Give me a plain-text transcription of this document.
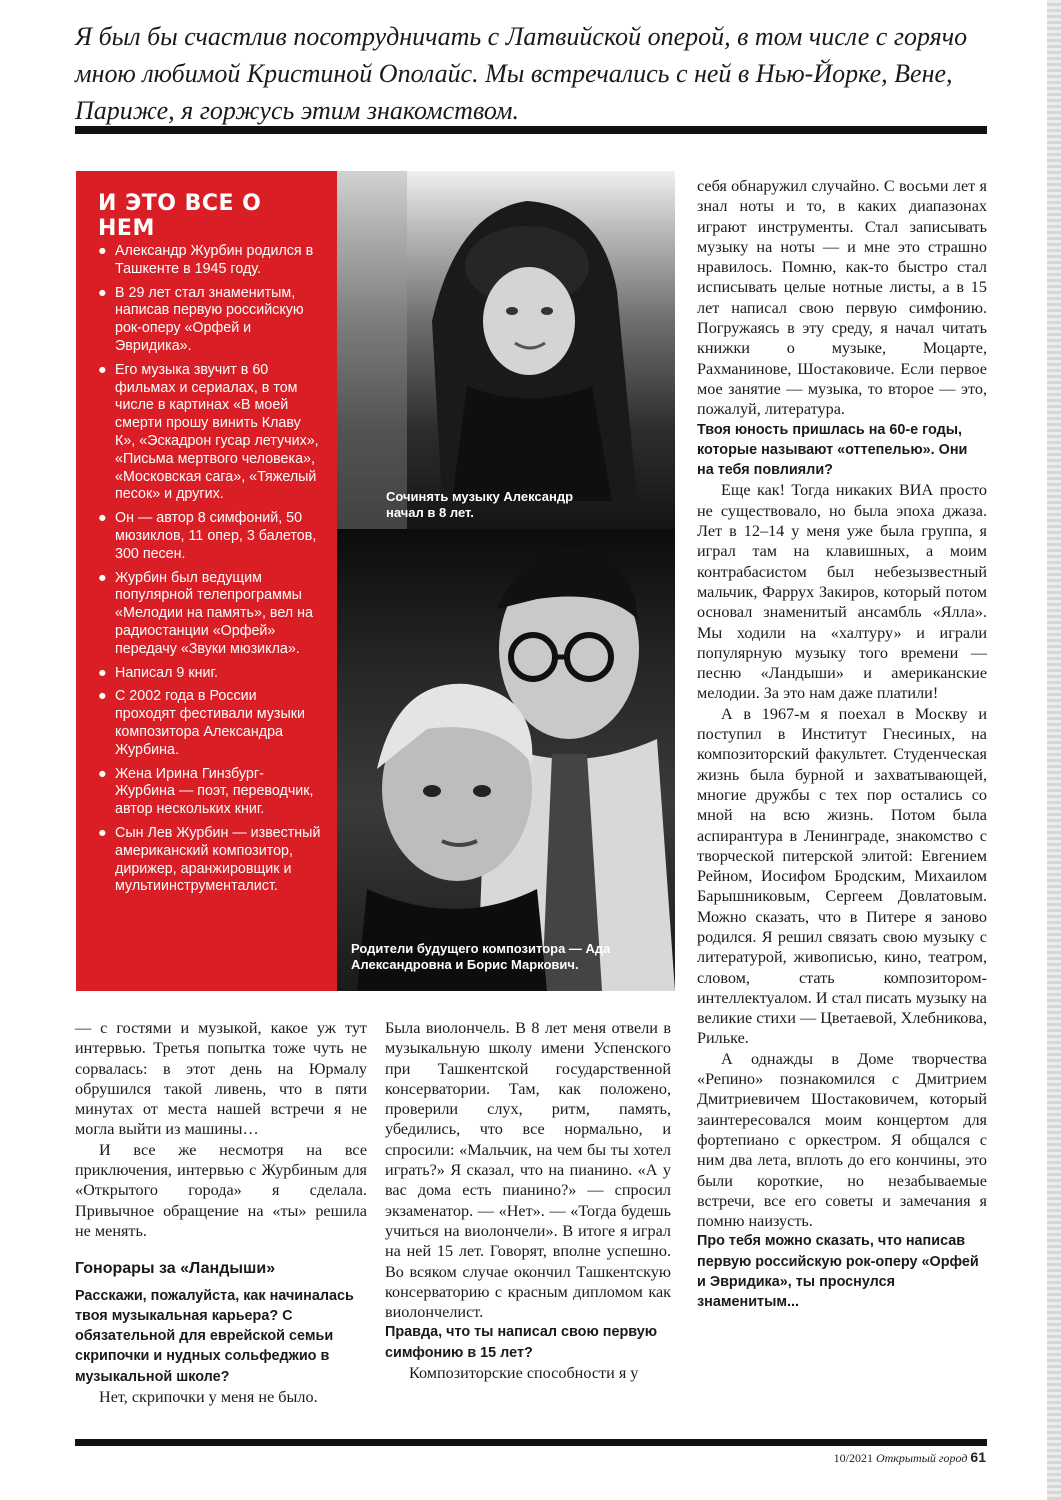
Я был бы счастлив посотрудничать с Латвийской оперой, в том числе с горячо мною любимой Кристиной Ополайс. Мы встречались с ней в Нью-Йорке, Вене, Париже, я горжусь этим знакомством.

И ЭТО ВСЕ О НЕМ
● Александр Журбин родился в Ташкенте в 1945 году.
● В 29 лет стал знаменитым, написав первую российскую рок-оперу «Орфей и Эвридика».
● Его музыка звучит в 60 фильмах и сериалах, в том числе в картинах «В моей смерти прошу винить Клаву К», «Эскадрон гусар летучих», «Письма мертвого человека», «Московская сага», «Тяжелый песок» и других.
● Он — автор 8 симфоний, 50 мюзиклов, 11 опер, 3 балетов, 300 песен.
● Журбин был ведущим популярной телепрограммы «Мелодии на память», вел на радиостанции «Орфей» передачу «Звуки мюзикла».
● Написал 9 книг.
● С 2002 года в России проходят фестивали музыки композитора Александра Журбина.
● Жена Ирина Гинзбург-Журбина — поэт, переводчик, автор нескольких книг.
● Сын Лев Журбин — известный американский композитор, дирижер, аранжировщик и мультиинструменталист.
Сочинять музыку Александр начал в 8 лет.
Родители будущего композитора — Ада Александровна и Борис Маркович.

себя обнаружил случайно. С восьми лет я знал ноты и то, в каких диапазонах играют инструменты. Стал записывать музыку на ноты — и мне это страшно нравилось. Помню, как-то быстро стал исписывать целые нотные листы, а в 15 лет написал свою первую симфонию. Погружаясь в эту среду, я начал читать книжки о музыке, Моцарте, Рахманинове, Шостаковиче. Если первое мое занятие — музыка, то второе — это, пожалуй, литература.

Твоя юность пришлась на 60-е годы, которые называют «оттепелью». Они на тебя повлияли?

Еще как! Тогда никаких ВИА просто не существовало, но была эпоха джаза. Лет в 12–14 у меня уже была группа, я играл там на клавишных, а моим контрабасистом был небезызвестный мальчик, Фаррух Закиров, который потом основал знаменитый ансамбль «Ялла». Мы ходили на «халтуру» и играли популярную музыку того времени — песню «Ландыши» и американские мелодии. За это нам даже платили!

А в 1967-м я поехал в Москву и поступил в Институт Гнесиных, на композиторский факультет. Студенческая жизнь была бурной и захватывающей, многие дружбы с тех пор остались со мной на всю жизнь. Потом была аспирантура в Ленинграде, знакомство с творческой питерской элитой: Евгением Рейном, Иосифом Бродским, Михаилом Барышниковым, Сергеем Довлатовым. Можно сказать, что в Питере я заново родился. Я решил связать свою музыку с литературой, живописью, кино, театром, словом, стать композитором-интеллектуалом. И стал писать музыку на великие стихи — Цветаевой, Хлебникова, Рильке.

А однажды в Доме творчества «Репино» познакомился с Дмитрием Дмитриевичем Шостаковичем, который заинтересовался моим концертом для фортепиано с оркестром. Я общался с ним два лета, вплоть до его кончины, это были короткие, но незабываемые встречи, все его советы и замечания я помню наизусть.

Про тебя можно сказать, что написав первую российскую рок-оперу «Орфей и Эвридика», ты проснулся знаменитым...

— с гостями и музыкой, какое уж тут интервью. Третья попытка тоже чуть не сорвалась: в этот день на Юрмалу обрушился такой ливень, что в пяти минутах от места нашей встречи я не могла выйти из машины…

И все же несмотря на все приключения, интервью с Журбиным для «Открытого города» я сделала. Привычное обращение на «ты» решила не менять.

Гонорары за «Ландыши»

Расскажи, пожалуйста, как начиналась твоя музыкальная карьера? С обязательной для еврейской семьи скрипочки и нудных сольфеджио в музыкальной школе?

Нет, скрипочки у меня не было.

Была виолончель. В 8 лет меня отвели в музыкальную школу имени Успенского при Ташкентской государственной консерватории. Там, как положено, проверили слух, ритм, память, убедились, что все нормально, и спросили: «Мальчик, на чем бы ты хотел играть?» Я сказал, что на пианино. «А у вас дома есть пианино?» — спросил экзаменатор. — «Нет». — «Тогда будешь учиться на виолончели». В итоге я играл на ней 15 лет. Говорят, вполне успешно. Во всяком случае окончил Ташкентскую консерваторию с красным дипломом как виолончелист.

Правда, что ты написал свою первую симфонию в 15 лет?

Композиторские способности я у

10/2021 Открытый город 61
